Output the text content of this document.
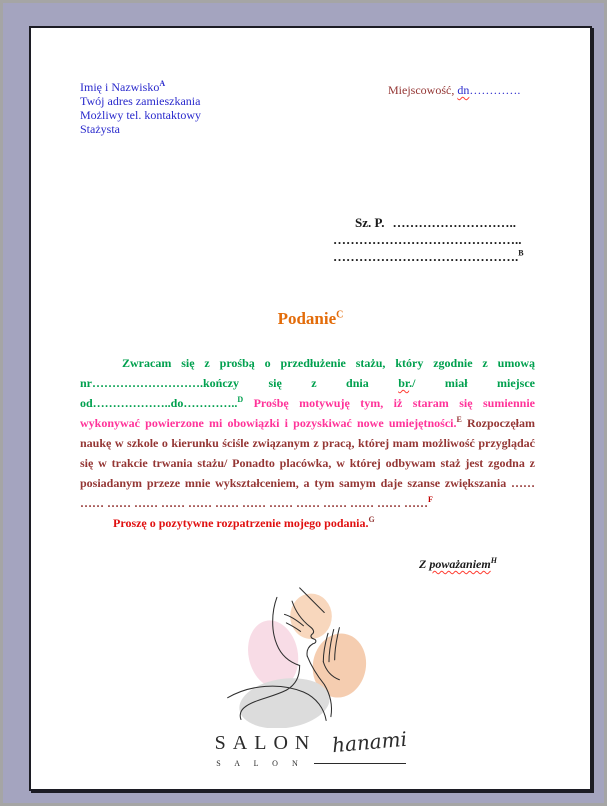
Imię i Nazwisko$^A$
Twój adres zamieszkania
Możliwy tel. kontaktowy
Stażysta
Miejscowość, dn………….
Sz. P. ………………………..
……………………………………..
…………………………………….$^B$
Podanie$^C$

Zwracam się z prośbą o przedłużenie stażu, który zgodnie z umową nr……………………….kończy się z dnia br./ miał miejsce od………………..do…………..$^D$ Prośbę motywuję tym, iż staram się sumiennie wykonywać powierzone mi obowiązki i pozyskiwać nowe umiejętności.$^E$ Rozpoczęłam naukę w szkole o kierunku ściśle związanym z pracą, której mam możliwość przyglądać się w trakcie trwania stażu/ Ponadto placówka, w której odbywam staż jest zgodna z posiadanym przeze mnie wykształceniem, a tym samym daje szanse zwiększania …… …… …… …… …… …… …… …… …… …… …… …… …… ……$^F$

Proszę o pozytywne rozpatrzenie mojego podania.$^G$

Z poważaniem$^H$
SALON hanami
S A L O N
